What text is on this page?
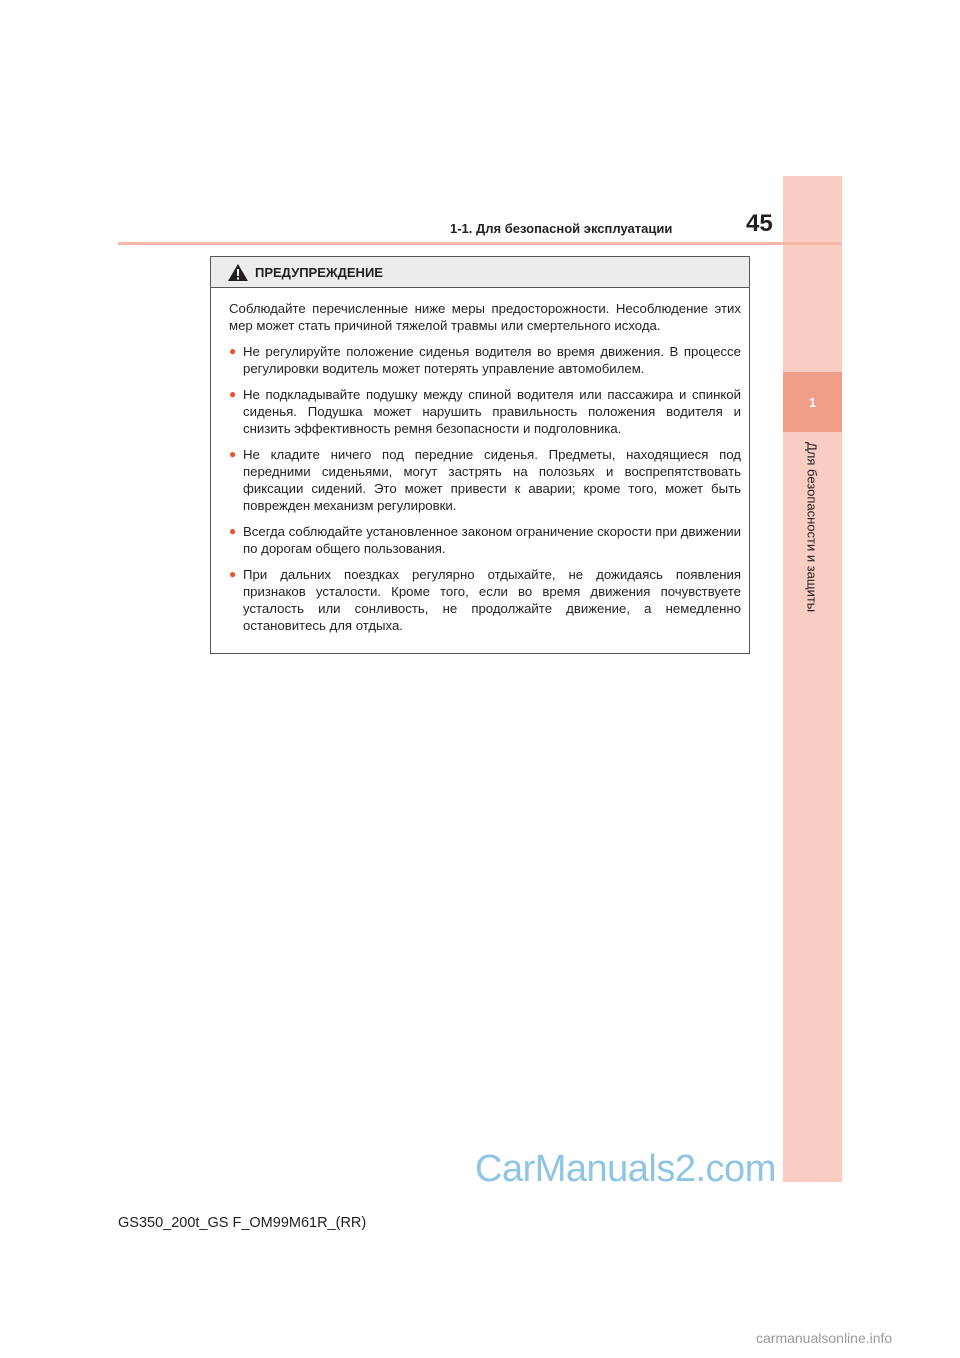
1
Для безопасности и защиты
1-1. Для безопасной эксплуатации	45
ПРЕДУПРЕЖДЕНИЕ
Соблюдайте перечисленные ниже меры предосторожности. Несоблюдение этих мер может стать причиной тяжелой травмы или смертельного исхода.
● Не регулируйте положение сиденья водителя во время движения. В процессе регулировки водитель может потерять управление автомобилем.
● Не подкладывайте подушку между спиной водителя или пассажира и спинкой сиденья. Подушка может нарушить правильность положения водителя и снизить эффективность ремня безопасности и подголовника.
● Не кладите ничего под передние сиденья. Предметы, находящиеся под передними сиденьями, могут застрять на полозьях и воспрепятствовать фиксации сидений. Это может привести к аварии; кроме того, может быть поврежден механизм регулировки.
● Всегда соблюдайте установленное законом ограничение скорости при движении по дорогам общего пользования.
● При дальних поездках регулярно отдыхайте, не дожидаясь появления признаков усталости. Кроме того, если во время движения почувствуете усталость или сонливость, не продолжайте движение, а немедленно остановитесь для отдыха.
CarManuals2.com
GS350_200t_GS F_OM99M61R_(RR)
carmanualsonline.info
